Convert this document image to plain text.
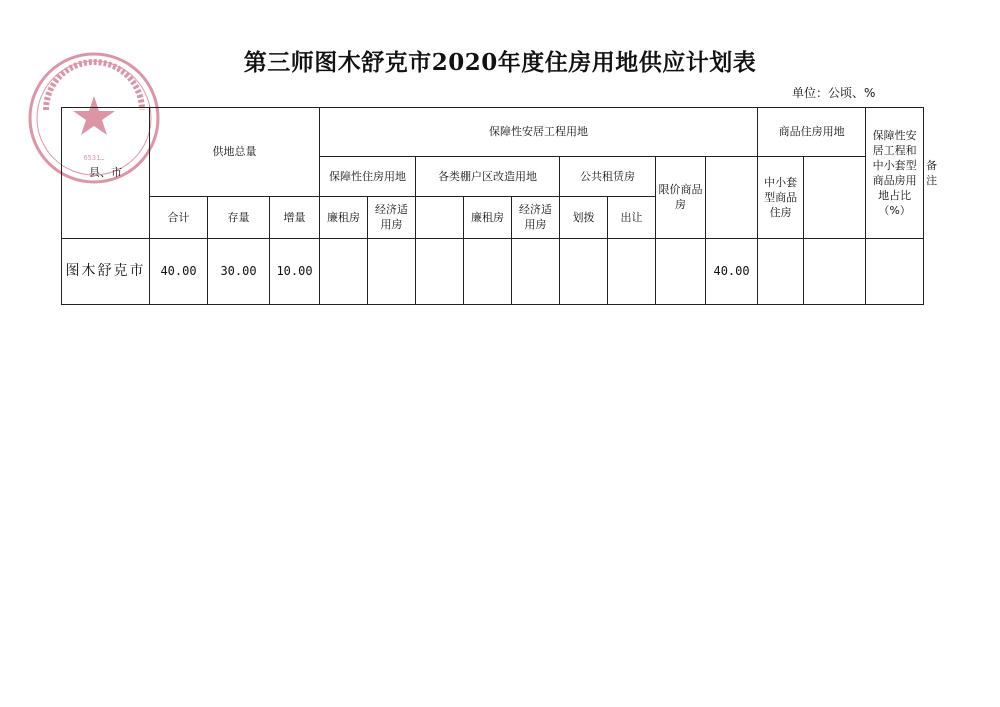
6531…
第三师图木舒克市2020年度住房用地供应计划表
单位：公顷、%
县、市	供地总量			保障性安居工程用地									商品住房用地		保障性安居工程和中小套型商品房用地占比（%）	备注
				保障性住房用地		各类棚户区改造用地			公共租赁房		限价商品房		中小套型商品住房			
	合计	存量	增量	廉租房	经济适用房		廉租房	经济适用房	划拨	出让						
图木舒克市	40.00	30.00	10.00									40.00				
